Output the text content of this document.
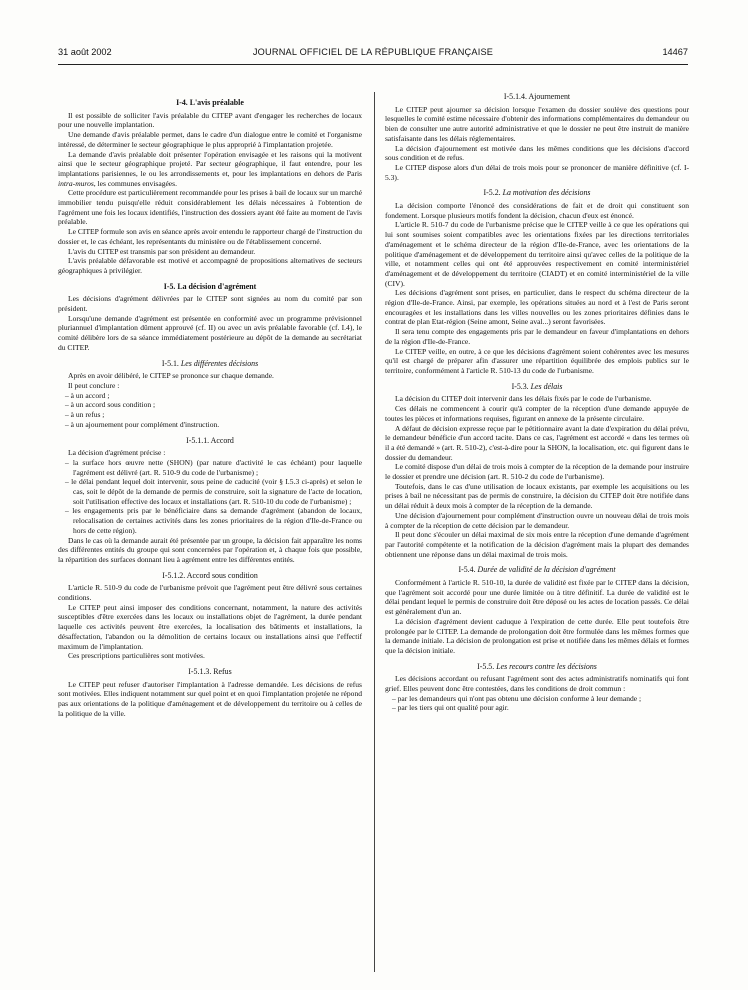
31 août 2002	JOURNAL OFFICIEL DE LA RÉPUBLIQUE FRANÇAISE	14467
I-4. L'avis préalable

Il est possible de solliciter l'avis préalable du CITEP avant d'engager les recherches de locaux pour une nouvelle implantation.

Une demande d'avis préalable permet, dans le cadre d'un dialogue entre le comité et l'organisme intéressé, de déterminer le secteur géographique le plus approprié à l'implantation projetée.

La demande d'avis préalable doit présenter l'opération envisagée et les raisons qui la motivent ainsi que le secteur géographique projeté. Par secteur géographique, il faut entendre, pour les implantations parisiennes, le ou les arrondissements et, pour les implantations en dehors de Paris intra-muros, les communes envisagées.

Cette procédure est particulièrement recommandée pour les prises à bail de locaux sur un marché immobilier tendu puisqu'elle réduit considérablement les délais nécessaires à l'obtention de l'agrément une fois les locaux identifiés, l'instruction des dossiers ayant été faite au moment de l'avis préalable.

Le CITEP formule son avis en séance après avoir entendu le rapporteur chargé de l'instruction du dossier et, le cas échéant, les représentants du ministère ou de l'établissement concerné.

L'avis du CITEP est transmis par son président au demandeur.

L'avis préalable défavorable est motivé et accompagné de propositions alternatives de secteurs géographiques à privilégier.

I-5. La décision d'agrément

Les décisions d'agrément délivrées par le CITEP sont signées au nom du comité par son président.

Lorsqu'une demande d'agrément est présentée en conformité avec un programme prévisionnel pluriannuel d'implantation dûment approuvé (cf. II) ou avec un avis préalable favorable (cf. I.4), le comité délibère lors de sa séance immédiatement postérieure au dépôt de la demande au secrétariat du CITEP.

I-5.1. Les différentes décisions

Après en avoir délibéré, le CITEP se prononce sur chaque demande.

Il peut conclure :

– à un accord ;
– à un accord sous condition ;
– à un refus ;
– à un ajournement pour complément d'instruction.
I-5.1.1. Accord

La décision d'agrément précise :

– la surface hors œuvre nette (SHON) (par nature d'activité le cas échéant) pour laquelle l'agrément est délivré (art. R. 510-9 du code de l'urbanisme) ;
– le délai pendant lequel doit intervenir, sous peine de caducité (voir § I.5.3 ci-après) et selon le cas, soit le dépôt de la demande de permis de construire, soit la signature de l'acte de location, soit l'utilisation effective des locaux et installations (art. R. 510-10 du code de l'urbanisme) ;
– les engagements pris par le bénéficiaire dans sa demande d'agrément (abandon de locaux, relocalisation de certaines activités dans les zones prioritaires de la région d'Ile-de-France ou hors de cette région).

Dans le cas où la demande aurait été présentée par un groupe, la décision fait apparaître les noms des différentes entités du groupe qui sont concernées par l'opération et, à chaque fois que possible, la répartition des surfaces donnant lieu à agrément entre les différentes entités.

I-5.1.2. Accord sous condition

L'article R. 510-9 du code de l'urbanisme prévoit que l'agrément peut être délivré sous certaines conditions.

Le CITEP peut ainsi imposer des conditions concernant, notamment, la nature des activités susceptibles d'être exercées dans les locaux ou installations objet de l'agrément, la durée pendant laquelle ces activités peuvent être exercées, la localisation des bâtiments et installations, la désaffectation, l'abandon ou la démolition de certains locaux ou installations ainsi que l'effectif maximum de l'implantation.

Ces prescriptions particulières sont motivées.

I-5.1.3. Refus

Le CITEP peut refuser d'autoriser l'implantation à l'adresse demandée. Les décisions de refus sont motivées. Elles indiquent notamment sur quel point et en quoi l'implantation projetée ne répond pas aux orientations de la politique d'aménagement et de développement du territoire ou à celles de la politique de la ville.

I-5.1.4. Ajournement

Le CITEP peut ajourner sa décision lorsque l'examen du dossier soulève des questions pour lesquelles le comité estime nécessaire d'obtenir des informations complémentaires du demandeur ou bien de consulter une autre autorité administrative et que le dossier ne peut être instruit de manière satisfaisante dans les délais réglementaires.

La décision d'ajournement est motivée dans les mêmes conditions que les décisions d'accord sous condition et de refus.

Le CITEP dispose alors d'un délai de trois mois pour se prononcer de manière définitive (cf. I-5.3).

I-5.2. La motivation des décisions

La décision comporte l'énoncé des considérations de fait et de droit qui constituent son fondement. Lorsque plusieurs motifs fondent la décision, chacun d'eux est énoncé.

L'article R. 510-7 du code de l'urbanisme précise que le CITEP veille à ce que les opérations qui lui sont soumises soient compatibles avec les orientations fixées par les directions territoriales d'aménagement et le schéma directeur de la région d'Ile-de-France, avec les orientations de la politique d'aménagement et de développement du territoire ainsi qu'avec celles de la politique de la ville, et notamment celles qui ont été approuvées respectivement en comité interministériel d'aménagement et de développement du territoire (CIADT) et en comité interministériel de la ville (CIV).

Les décisions d'agrément sont prises, en particulier, dans le respect du schéma directeur de la région d'Ile-de-France. Ainsi, par exemple, les opérations situées au nord et à l'est de Paris seront encouragées et les installations dans les villes nouvelles ou les zones prioritaires définies dans le contrat de plan Etat-région (Seine amont, Seine aval...) seront favorisées.

Il sera tenu compte des engagements pris par le demandeur en faveur d'implantations en dehors de la région d'Ile-de-France.

Le CITEP veille, en outre, à ce que les décisions d'agrément soient cohérentes avec les mesures qu'il est chargé de préparer afin d'assurer une répartition équilibrée des emplois publics sur le territoire, conformément à l'article R. 510-13 du code de l'urbanisme.

I-5.3. Les délais

La décision du CITEP doit intervenir dans les délais fixés par le code de l'urbanisme.

Ces délais ne commencent à courir qu'à compter de la réception d'une demande appuyée de toutes les pièces et informations requises, figurant en annexe de la présente circulaire.

A défaut de décision expresse reçue par le pétitionnaire avant la date d'expiration du délai prévu, le demandeur bénéficie d'un accord tacite. Dans ce cas, l'agrément est accordé « dans les termes où il a été demandé » (art. R. 510-2), c'est-à-dire pour la SHON, la localisation, etc. qui figurent dans le dossier du demandeur.

Le comité dispose d'un délai de trois mois à compter de la réception de la demande pour instruire le dossier et prendre une décision (art. R. 510-2 du code de l'urbanisme).

Toutefois, dans le cas d'une utilisation de locaux existants, par exemple les acquisitions ou les prises à bail ne nécessitant pas de permis de construire, la décision du CITEP doit être notifiée dans un délai réduit à deux mois à compter de la réception de la demande.

Une décision d'ajournement pour complément d'instruction ouvre un nouveau délai de trois mois à compter de la réception de cette décision par le demandeur.

Il peut donc s'écouler un délai maximal de six mois entre la réception d'une demande d'agrément par l'autorité compétente et la notification de la décision d'agrément mais la plupart des demandes obtiennent une réponse dans un délai maximal de trois mois.

I-5.4. Durée de validité de la décision d'agrément

Conformément à l'article R. 510-10, la durée de validité est fixée par le CITEP dans la décision, que l'agrément soit accordé pour une durée limitée ou à titre définitif. La durée de validité est le délai pendant lequel le permis de construire doit être déposé ou les actes de location passés. Ce délai est généralement d'un an.

La décision d'agrément devient caduque à l'expiration de cette durée. Elle peut toutefois être prolongée par le CITEP. La demande de prolongation doit être formulée dans les mêmes formes que la demande initiale. La décision de prolongation est prise et notifiée dans les mêmes délais et formes que la décision initiale.

I-5.5. Les recours contre les décisions

Les décisions accordant ou refusant l'agrément sont des actes administratifs nominatifs qui font grief. Elles peuvent donc être contestées, dans les conditions de droit commun :

– par les demandeurs qui n'ont pas obtenu une décision conforme à leur demande ;
– par les tiers qui ont qualité pour agir.
